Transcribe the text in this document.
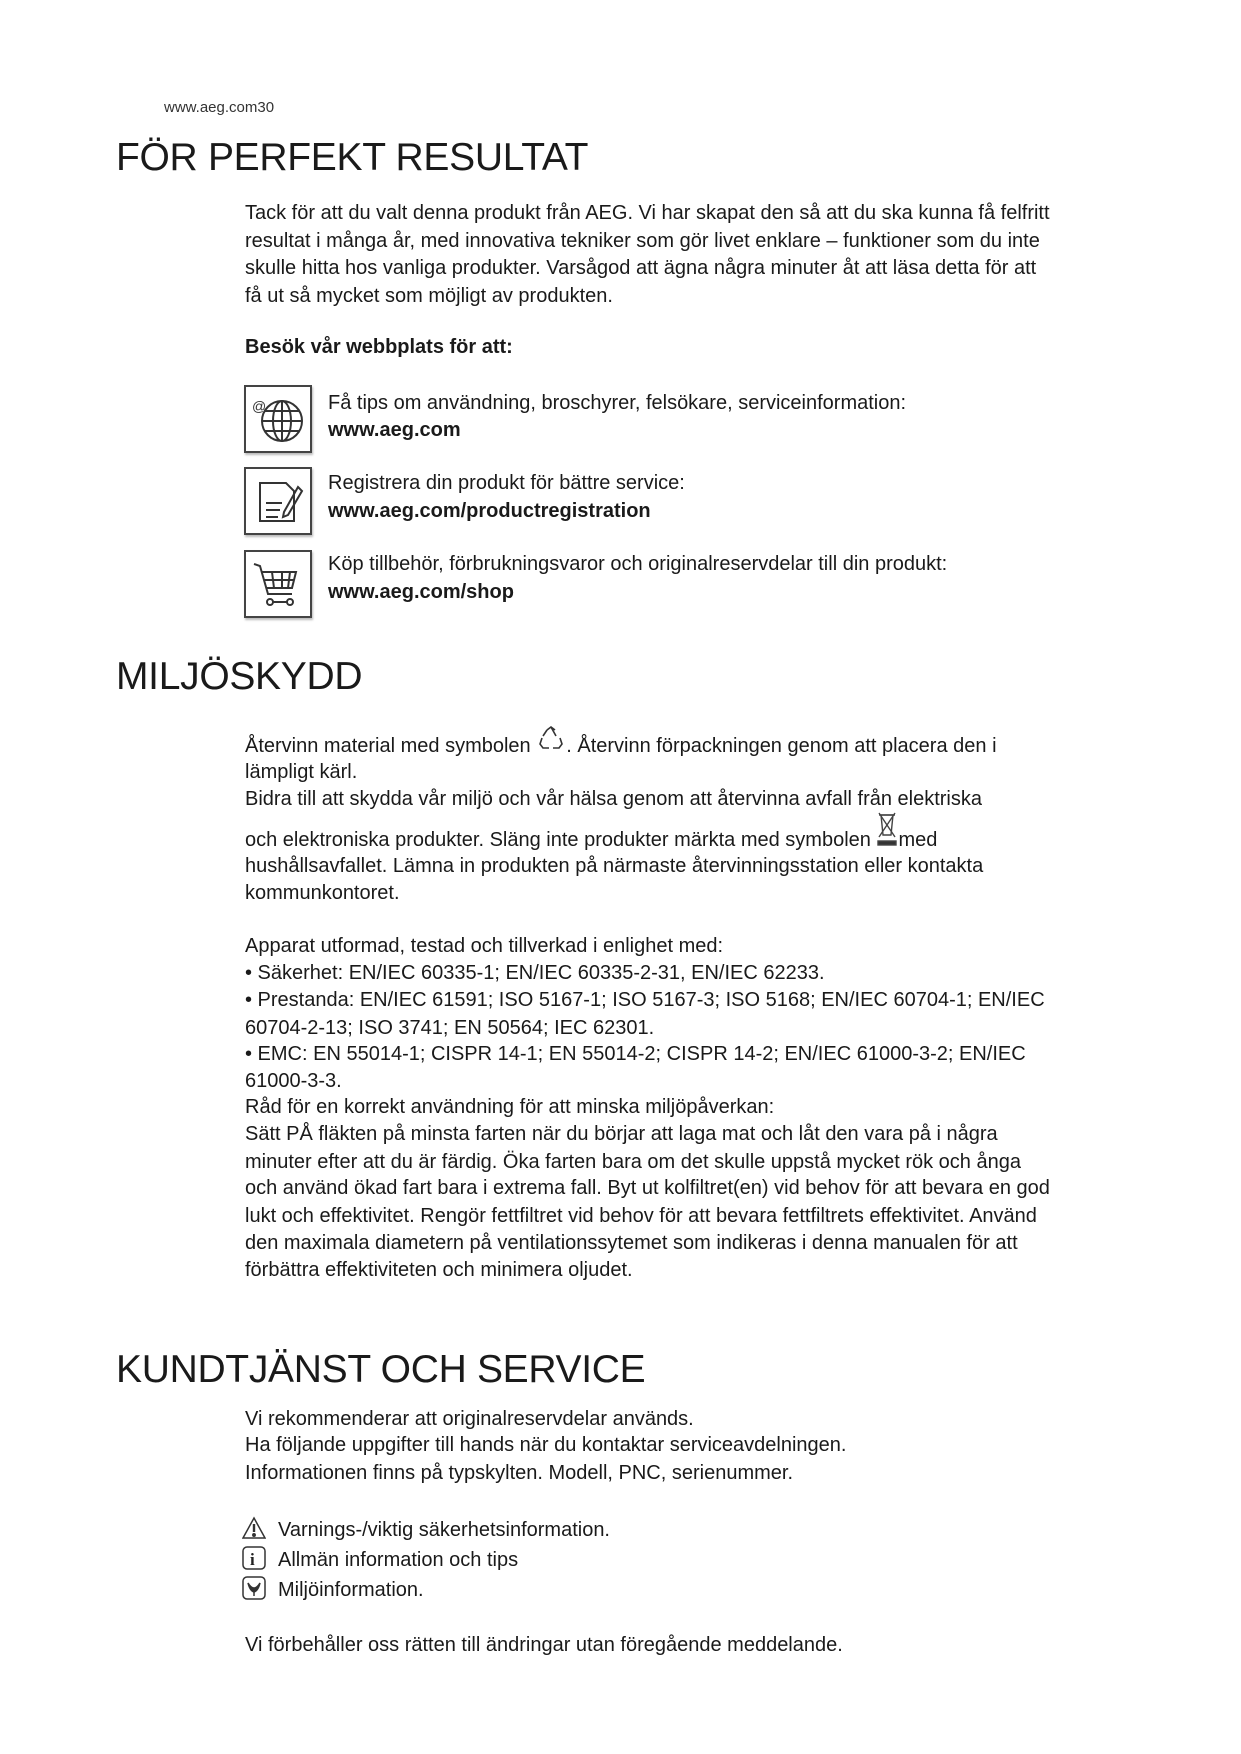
www.aeg.com30
FÖR PERFEKT RESULTAT
Tack för att du valt denna produkt från AEG. Vi har skapat den så att du ska kunna få felfritt
resultat i många år, med innovativa tekniker som gör livet enklare – funktioner som du inte
skulle hitta hos vanliga produkter. Varsågod att ägna några minuter åt att läsa detta för att
få ut så mycket som möjligt av produkten.
Besök vår webbplats för att:
@	Få tips om användning, broschyrer, felsökare, serviceinformation:
www.aeg.com
Registrera din produkt för bättre service:
www.aeg.com/productregistration
Köp tillbehör, förbrukningsvaror och originalreservdelar till din produkt:
www.aeg.com/shop
MILJÖSKYDD
Återvinn material med symbolen . Återvinn förpackningen genom att placera den i
lämpligt kärl.
Bidra till att skydda vår miljö och vår hälsa genom att återvinna avfall från elektriska
och elektroniska produkter. Släng inte produkter märkta med symbolen med
hushållsavfallet. Lämna in produkten på närmaste återvinningsstation eller kontakta
kommunkontoret.
Apparat utformad, testad och tillverkad i enlighet med:
• Säkerhet: EN/IEC 60335-1; EN/IEC 60335-2-31, EN/IEC 62233.
• Prestanda: EN/IEC 61591; ISO 5167-1; ISO 5167-3; ISO 5168; EN/IEC 60704-1; EN/IEC
60704-2-13; ISO 3741; EN 50564; IEC 62301.
• EMC: EN 55014-1; CISPR 14-1; EN 55014-2; CISPR 14-2; EN/IEC 61000-3-2; EN/IEC
61000-3-3.
Råd för en korrekt användning för att minska miljöpåverkan:
Sätt PÅ fläkten på minsta farten när du börjar att laga mat och låt den vara på i några
minuter efter att du är färdig. Öka farten bara om det skulle uppstå mycket rök och ånga
och använd ökad fart bara i extrema fall. Byt ut kolfiltret(en) vid behov för att bevara en god
lukt och effektivitet. Rengör fettfiltret vid behov för att bevara fettfiltrets effektivitet. Använd
den maximala diametern på ventilationssytemet som indikeras i denna manualen för att
förbättra effektiviteten och minimera oljudet.
KUNDTJÄNST OCH SERVICE
Vi rekommenderar att originalreservdelar används.
Ha följande uppgifter till hands när du kontaktar serviceavdelningen.
Informationen finns på typskylten. Modell, PNC, serienummer.
Varnings-/viktig säkerhetsinformation.
i Allmän information och tips
Miljöinformation.
Vi förbehåller oss rätten till ändringar utan föregående meddelande.
